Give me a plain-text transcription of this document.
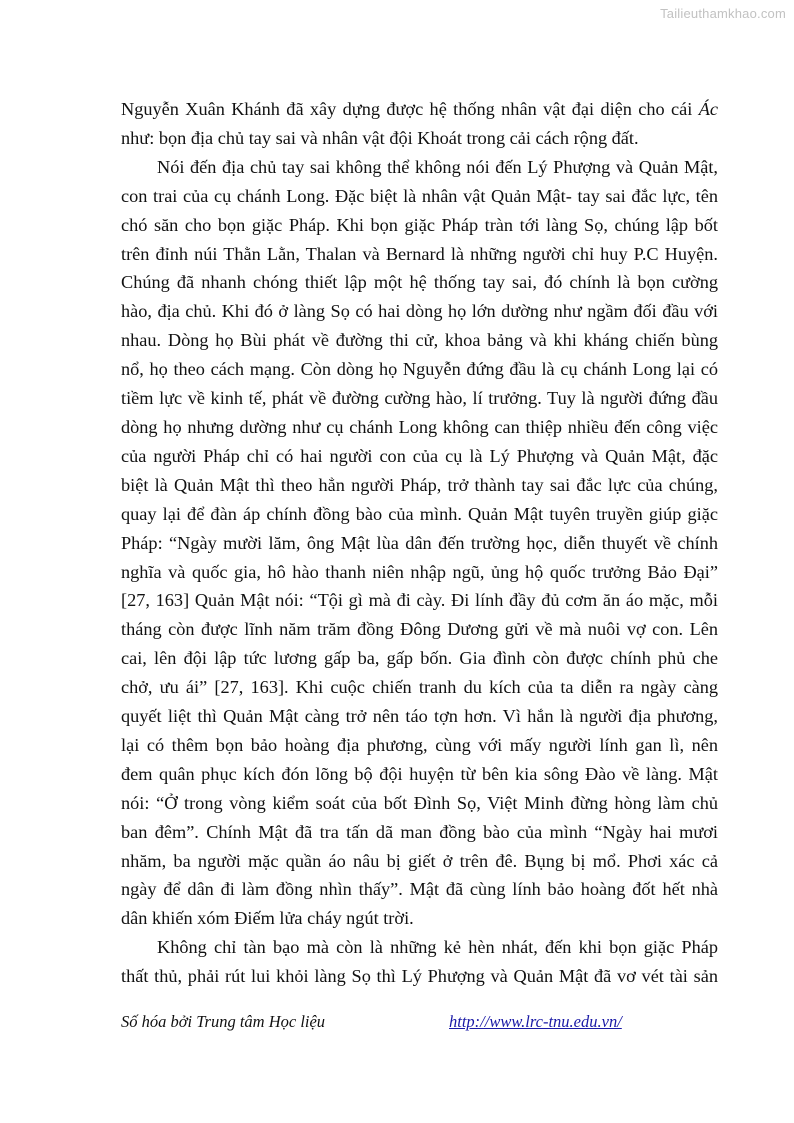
Tailieuthamkhao.com

Nguyễn Xuân Khánh đã xây dựng được hệ thống nhân vật đại diện cho cái Ác
như: bọn địa chủ tay sai và nhân vật đội Khoát trong cải cách rộng đất.

Nói đến địa chủ tay sai không thể không nói đến Lý Phượng và Quản Mật,
con trai của cụ chánh Long. Đặc biệt là nhân vật Quản Mật- tay sai đắc lực, tên
chó săn cho bọn giặc Pháp. Khi bọn giặc Pháp tràn tới làng Sọ, chúng lập bốt
trên đỉnh núi Thằn Lằn, Thalan và Bernard là những người chỉ huy P.C Huyện.
Chúng đã nhanh chóng thiết lập một hệ thống tay sai, đó chính là bọn cường
hào, địa chủ. Khi đó ở làng Sọ có hai dòng họ lớn dường như ngầm đối đầu với
nhau. Dòng họ Bùi phát về đường thi cử, khoa bảng và khi kháng chiến bùng
nổ, họ theo cách mạng. Còn dòng họ Nguyễn đứng đầu là cụ chánh Long lại có
tiềm lực về kinh tế, phát về đường cường hào, lí trưởng. Tuy là người đứng đầu
dòng họ nhưng dường như cụ chánh Long không can thiệp nhiều đến công việc
của người Pháp chỉ có hai người con của cụ là Lý Phượng và Quản Mật, đặc
biệt là Quản Mật thì theo hẳn người Pháp, trở thành tay sai đắc lực của chúng,
quay lại để đàn áp chính đồng bào của mình. Quản Mật tuyên truyền giúp giặc
Pháp: “Ngày mười lăm, ông Mật lùa dân đến trường học, diễn thuyết về chính
nghĩa và quốc gia, hô hào thanh niên nhập ngũ, ủng hộ quốc trưởng Bảo Đại”
[27, 163] Quản Mật nói: “Tội gì mà đi cày. Đi lính đầy đủ cơm ăn áo mặc, mỗi
tháng còn được lĩnh năm trăm đồng Đông Dương gửi về mà nuôi vợ con. Lên
cai, lên đội lập tức lương gấp ba, gấp bốn. Gia đình còn được chính phủ che
chở, ưu ái” [27, 163]. Khi cuộc chiến tranh du kích của ta diễn ra ngày càng
quyết liệt thì Quản Mật càng trở nên táo tợn hơn. Vì hắn là người địa phương,
lại có thêm bọn bảo hoàng địa phương, cùng với mấy người lính gan lì, nên
đem quân phục kích đón lõng bộ đội huyện từ bên kia sông Đào về làng. Mật
nói: “Ở trong vòng kiểm soát của bốt Đình Sọ, Việt Minh đừng hòng làm chủ
ban đêm”. Chính Mật đã tra tấn dã man đồng bào của mình “Ngày hai mươi
nhăm, ba người mặc quần áo nâu bị giết ở trên đê. Bụng bị mổ. Phơi xác cả
ngày để dân đi làm đồng nhìn thấy”. Mật đã cùng lính bảo hoàng đốt hết nhà
dân khiến xóm Điếm lửa cháy ngút trời.

Không chỉ tàn bạo mà còn là những kẻ hèn nhát, đến khi bọn giặc Pháp
thất thủ, phải rút lui khỏi làng Sọ thì Lý Phượng và Quản Mật đã vơ vét tài sản

Số hóa bởi Trung tâm Học liệu	http://www.lrc-tnu.edu.vn/
